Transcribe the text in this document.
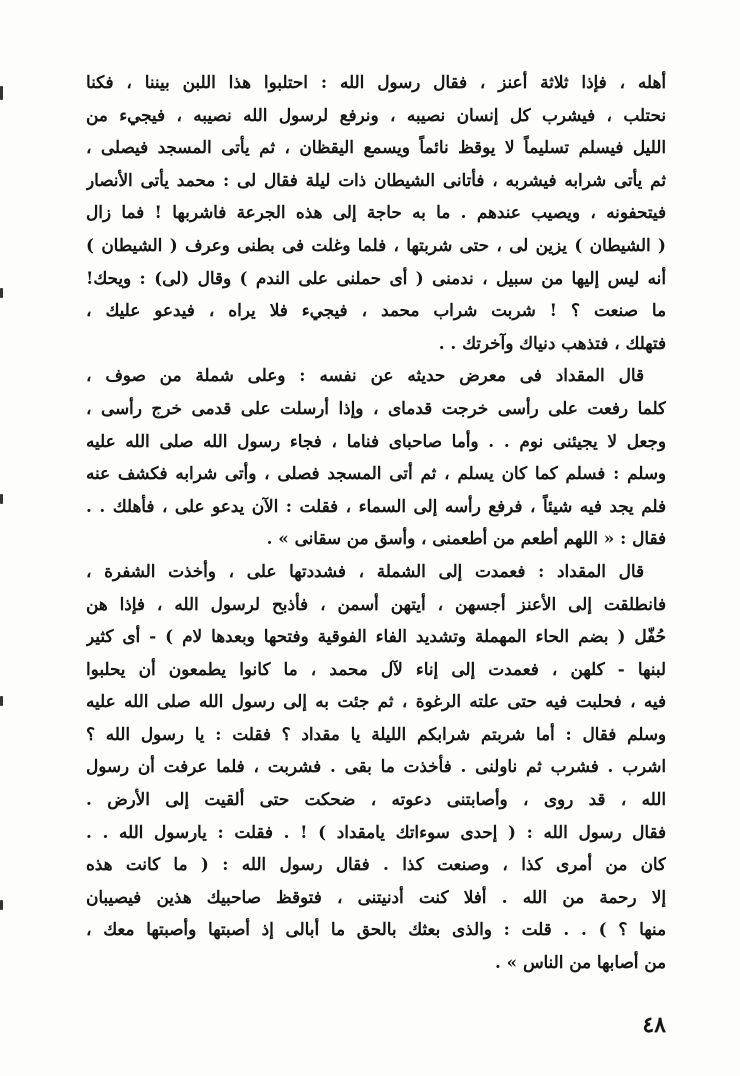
أهله ، فإذا ثلاثة أعنز ، فقال رسول الله : احتلبوا هذا اللبن بيننا ، فكنا
نحتلب ، فيشرب كل إنسان نصيبه ، ونرفع لرسول الله نصيبه ، فيجيء من
الليل فيسلم تسليماً لا يوقظ نائماً ويسمع اليقظان ، ثم يأتى المسجد فيصلى ،
ثم يأتى شرابه فيشربه ، فأتانى الشيطان ذات ليلة فقال لى : محمد يأتى الأنصار
فيتحفونه ، ويصيب عندهم . ما به حاجة إلى هذه الجرعة فاشربها ! فما زال
( الشيطان ) يزين لى ، حتى شربتها ، فلما وغلت فى بطنى وعرف ( الشيطان )
أنه ليس إليها من سبيل ، ندمنى ( أى حملنى على الندم ) وقال (لى) : ويحك!
ما صنعت ؟ ! شربت شراب محمد ، فيجيء فلا يراه ، فيدعو عليك ،
فتهلك ، فتذهب دنياك وآخرتك . .
قال المقداد فى معرض حديثه عن نفسه : وعلى شملة من صوف ،
كلما رفعت على رأسى خرجت قدماى ، وإذا أرسلت على قدمى خرج رأسى ،
وجعل لا يجيئنى نوم . . وأما صاحباى فناما ، فجاء رسول الله صلى الله عليه
وسلم : فسلم كما كان يسلم ، ثم أتى المسجد فصلى ، وأتى شرابه فكشف عنه
فلم يجد فيه شيئاً ، فرفع رأسه إلى السماء ، فقلت : الآن يدعو على ، فأهلك . .
فقال : « اللهم أطعم من أطعمنى ، وأسق من سقانى » .
قال المقداد : فعمدت إلى الشملة ، فشددتها على ، وأخذت الشفرة ،
فانطلقت إلى الأعنز أجسهن ، أيتهن أسمن ، فأذبح لرسول الله ، فإذا هن
حُفّل ( بضم الحاء المهملة وتشديد الفاء الفوقية وفتحها وبعدها لام ) - أى كثير
لبنها - كلهن ، فعمدت إلى إناء لآل محمد ، ما كانوا يطمعون أن يحلبوا
فيه ، فحلبت فيه حتى علته الرغوة ، ثم جئت به إلى رسول الله صلى الله عليه
وسلم فقال : أما شربتم شرابكم الليلة يا مقداد ؟ فقلت : يا رسول الله ؟
اشرب . فشرب ثم ناولنى . فأخذت ما بقى . فشربت ، فلما عرفت أن رسول
الله ، قد روى ، وأصابتنى دعوته ، ضحكت حتى ألقيت إلى الأرض .
فقال رسول الله : ( إحدى سوءاتك يامقداد ) ! . فقلت : يارسول الله . .
كان من أمرى كذا ، وصنعت كذا . فقال رسول الله : ( ما كانت هذه
إلا رحمة من الله . أفلا كنت أدنيتنى ، فتوقظ صاحبيك هذين فيصيبان
منها ؟ ) . . قلت : والذى بعثك بالحق ما أبالى إذ أصبتها وأصبتها معك ،
من أصابها من الناس » .
٤٨
